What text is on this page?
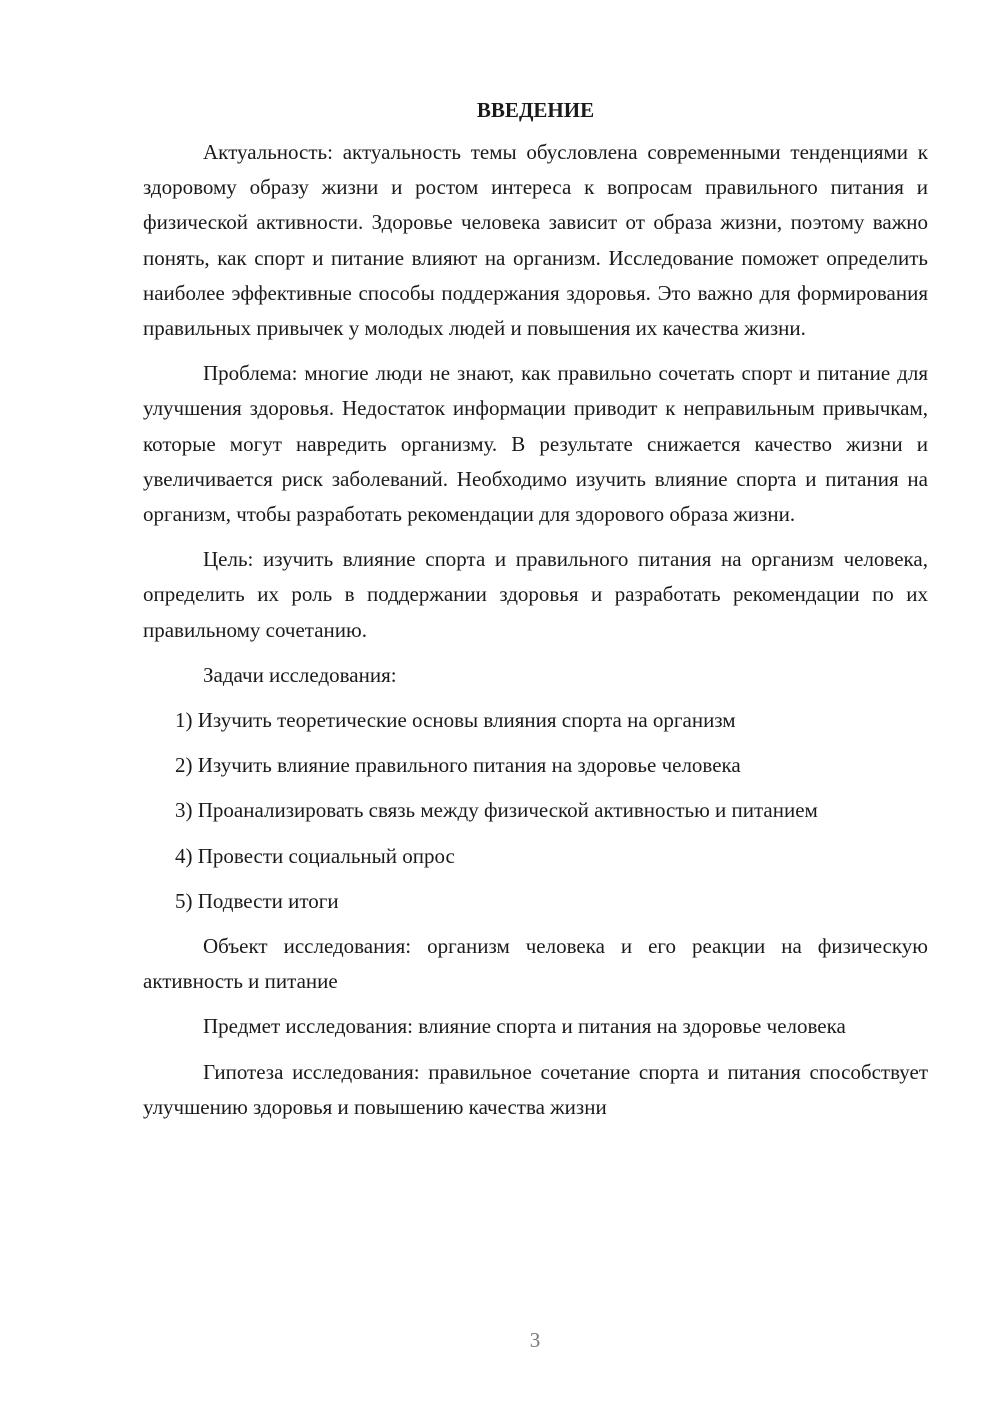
ВВЕДЕНИЕ

Актуальность: актуальность темы обусловлена современными тенденциями к здоровому образу жизни и ростом интереса к вопросам правильного питания и физической активности. Здоровье человека зависит от образа жизни, поэтому важно понять, как спорт и питание влияют на организм. Исследование поможет определить наиболее эффективные способы поддержания здоровья. Это важно для формирования правильных привычек у молодых людей и повышения их качества жизни.

Проблема: многие люди не знают, как правильно сочетать спорт и питание для улучшения здоровья. Недостаток информации приводит к неправильным привычкам, которые могут навредить организму. В результате снижается качество жизни и увеличивается риск заболеваний. Необходимо изучить влияние спорта и питания на организм, чтобы разработать рекомендации для здорового образа жизни.

Цель: изучить влияние спорта и правильного питания на организм человека, определить их роль в поддержании здоровья и разработать рекомендации по их правильному сочетанию.

Задачи исследования:

1) Изучить теоретические основы влияния спорта на организм

2) Изучить влияние правильного питания на здоровье человека

3) Проанализировать связь между физической активностью и питанием

4) Провести социальный опрос

5) Подвести итоги

Объект исследования: организм человека и его реакции на физическую активность и питание

Предмет исследования: влияние спорта и питания на здоровье человека

Гипотеза исследования: правильное сочетание спорта и питания способствует улучшению здоровья и повышению качества жизни

3
